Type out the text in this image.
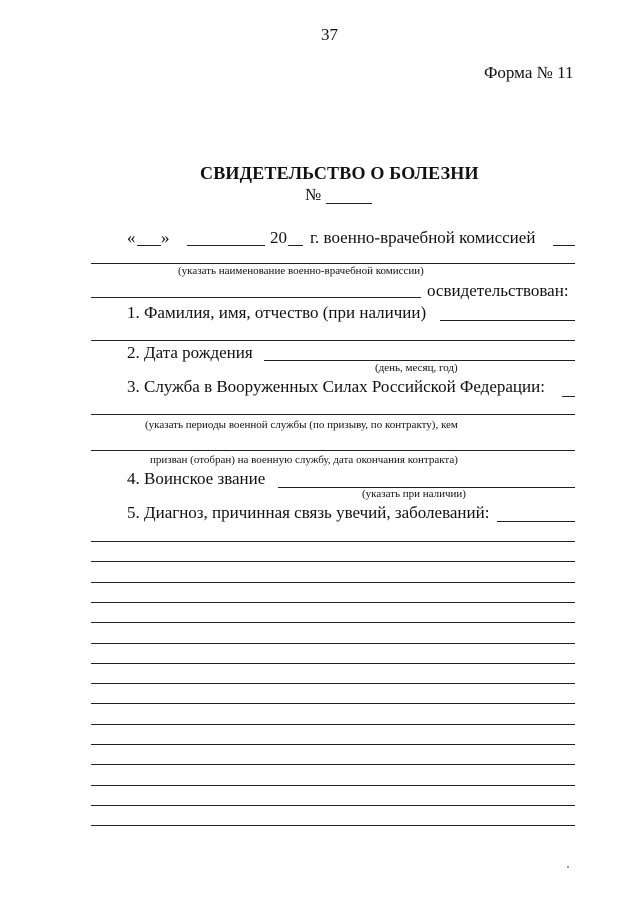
37
Форма № 11
СВИДЕТЕЛЬСТВО О БОЛЕЗНИ
№
« »	20 г. военно-врачебной комиссией
(указать наименование военно-врачебной комиссии)
освидетельствован:
1. Фамилия, имя, отчество (при наличии)
2. Дата рождения
(день, месяц, год)
3. Служба в Вооруженных Силах Российской Федерации:
(указать периоды военной службы (по призыву, по контракту), кем
призван (отобран) на военную службу, дата окончания контракта)
4. Воинское звание
(указать при наличии)
5. Диагноз, причинная связь увечий, заболеваний:
